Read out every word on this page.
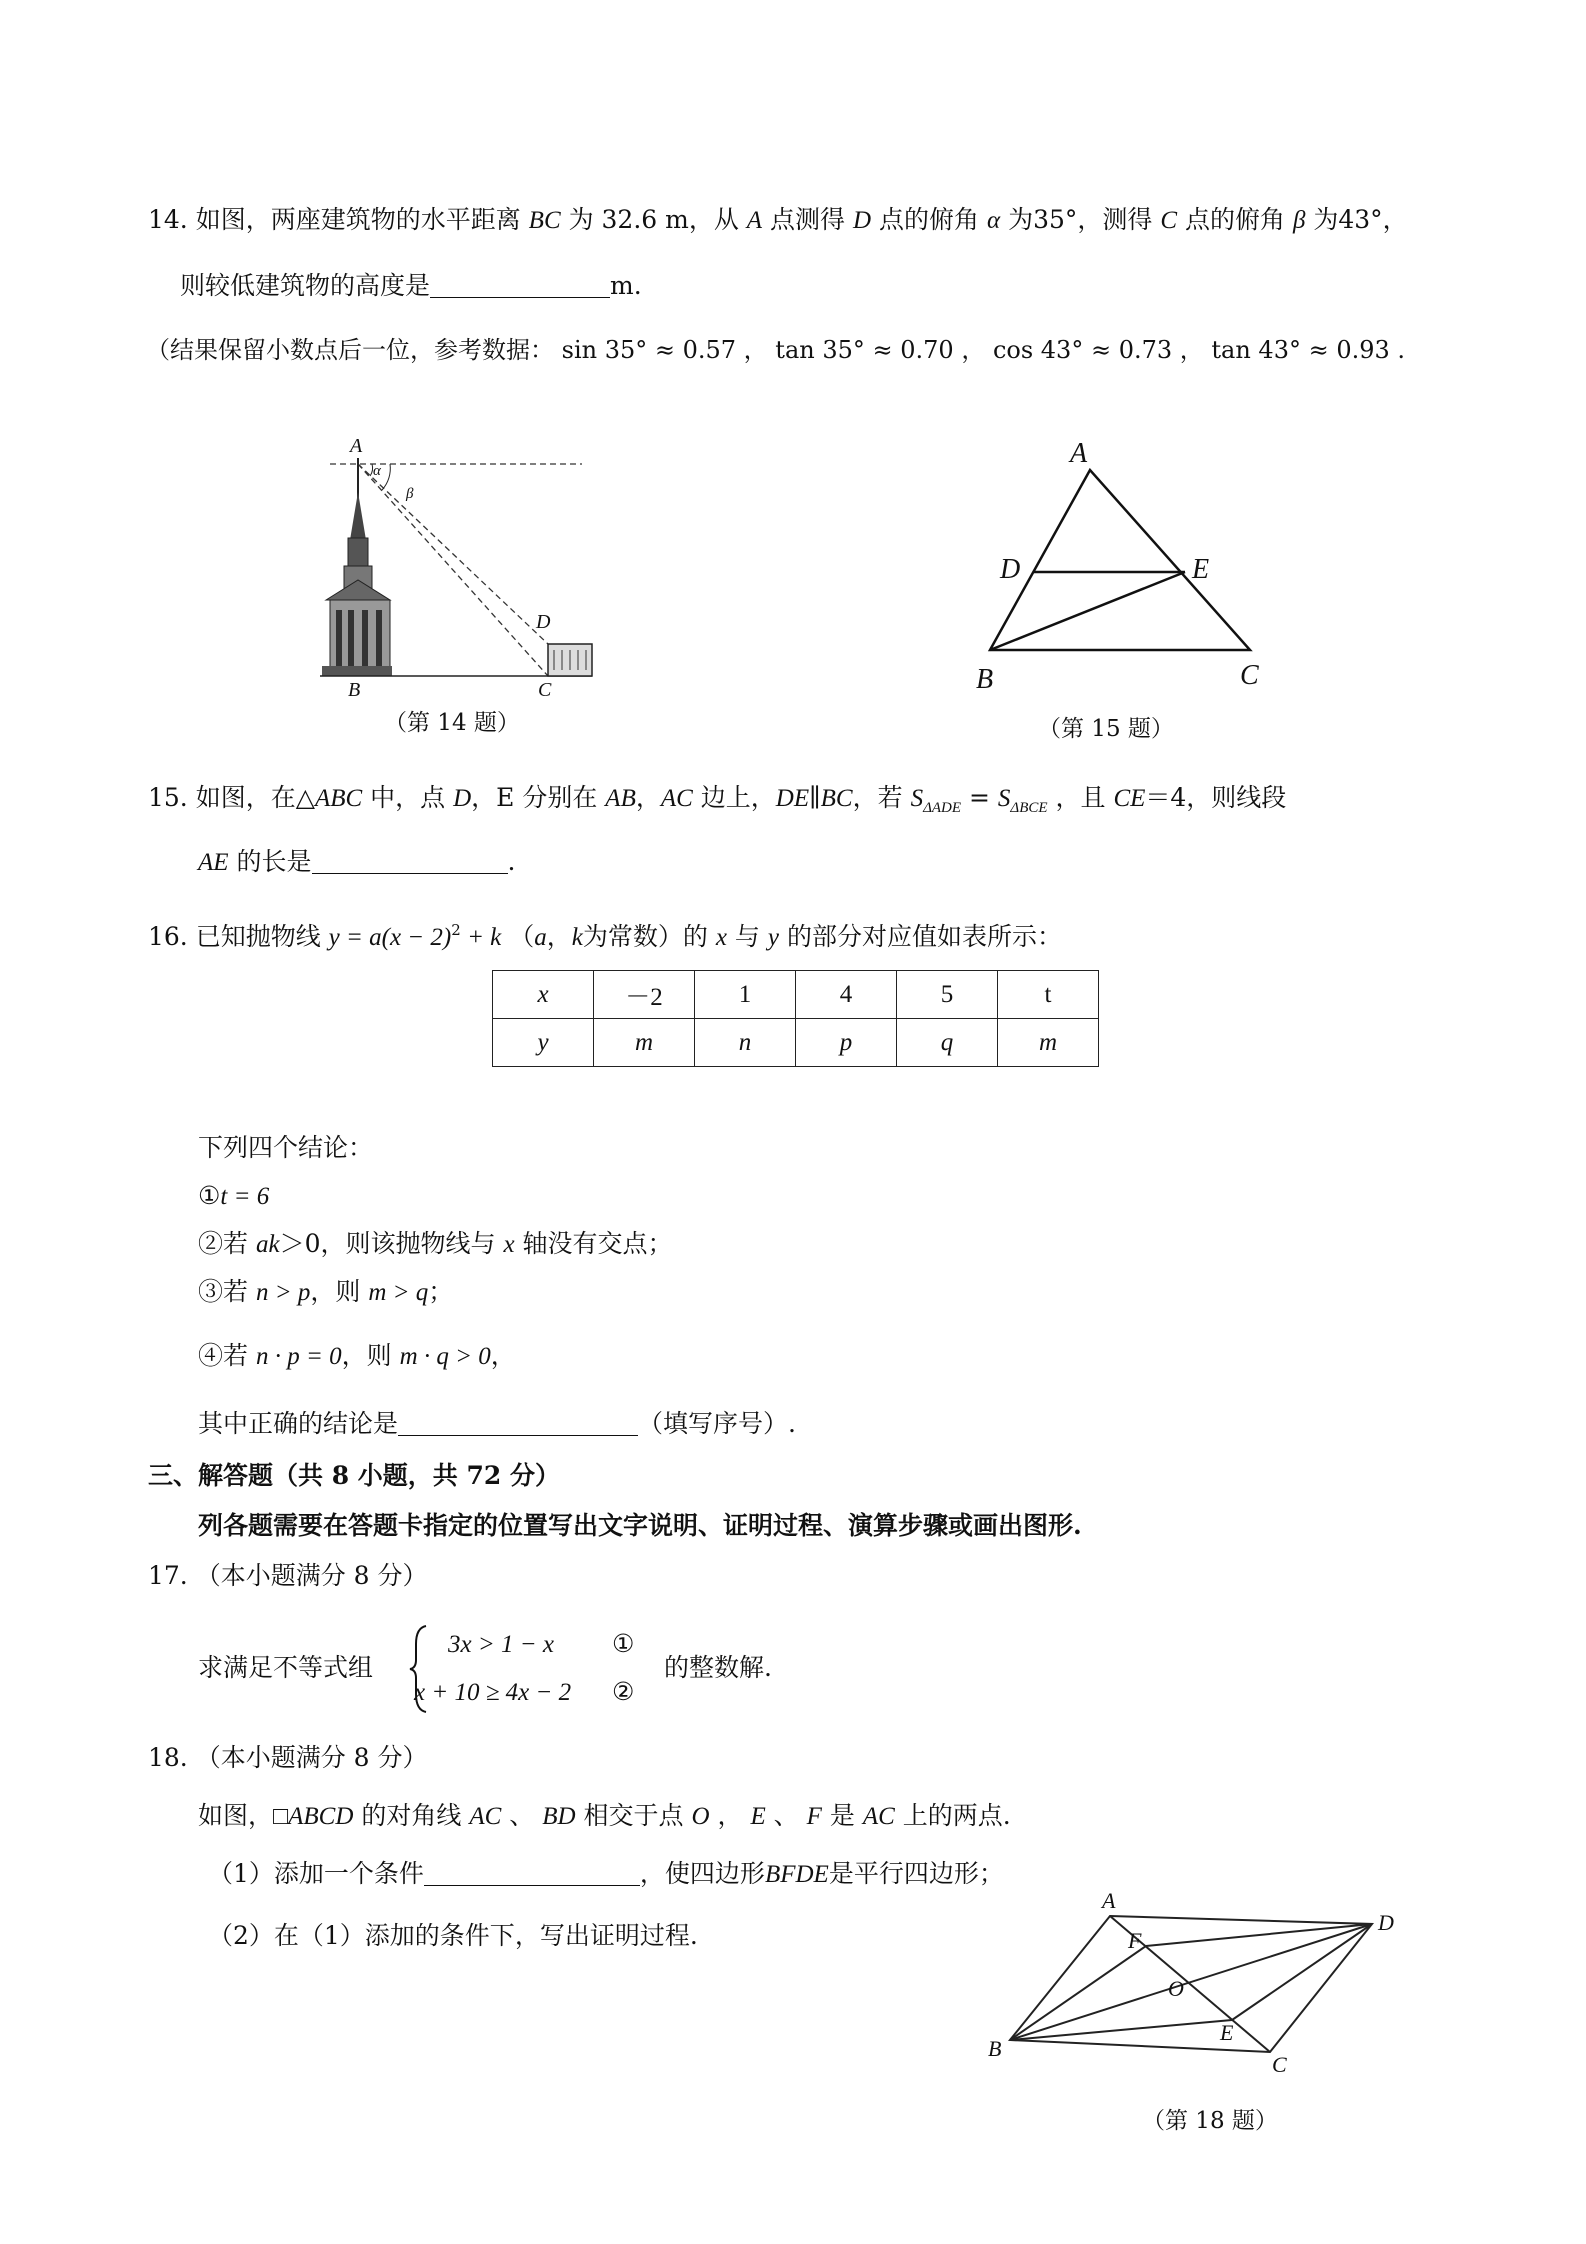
14. 如图，两座建筑物的水平距离 BC 为 32.6 m，从 A 点测得 D 点的俯角 α 为35°，测得 C 点的俯角 β 为43°，
则较低建筑物的高度是	m.
（结果保留小数点后一位，参考数据： sin 35° ≈ 0.57 ， tan 35° ≈ 0.70 ， cos 43° ≈ 0.73 ， tan 43° ≈ 0.93 .
A
α
β
D
B	C
（第 14 题）
A
D	E
B	C
（第 15 题）
15. 如图，在△ABC 中，点 D，E 分别在 AB，AC 边上，DE∥BC，若 $S_{\Delta ADE} = S_{\Delta BCE}$ ，且 CE＝4，则线段
AE 的长是	.
16. 已知抛物线 $y = a(x - 2)^2 + k$ （a，k为常数）的 x 与 y 的部分对应值如表所示：
x	－2	1	4	5	t
y	m	n	p	q	m
下列四个结论：
①t = 6
②若 ak＞0，则该抛物线与 x 轴没有交点；
③若 n > p，则 m > q；
④若 n · p = 0，则 m · q > 0，
其中正确的结论是	（填写序号）.
三、解答题（共 8 小题，共 72 分）
列各题需要在答题卡指定的位置写出文字说明、证明过程、演算步骤或画出图形.
17. （本小题满分 8 分）
求满足不等式组
3x > 1 − x ①
x + 10 ≥ 4x − 2 ②
的整数解.
18. （本小题满分 8 分）
如图，□ABCD 的对角线 AC 、 BD 相交于点 O ， E 、 F 是 AC 上的两点.
（1）添加一个条件	，使四边形BFDE是平行四边形；
（2）在（1）添加的条件下，写出证明过程.
A
D
F
O
E
B
C
（第 18 题）
